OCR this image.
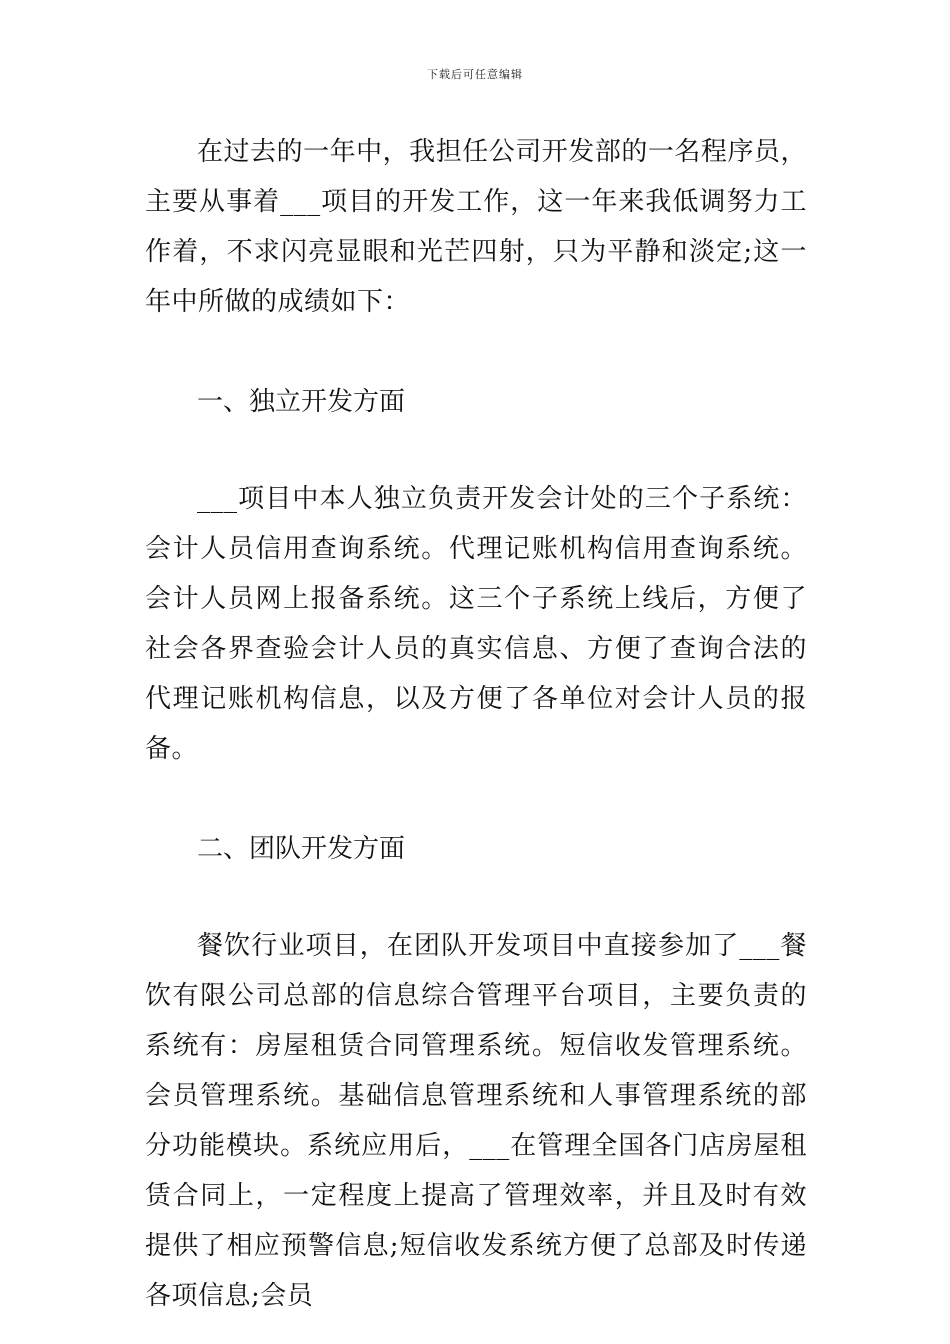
下载后可任意编辑

在过去的一年中，我担任公司开发部的一名程序员，主要从事着___项目的开发工作，这一年来我低调努力工作着，不求闪亮显眼和光芒四射，只为平静和淡定;这一年中所做的成绩如下：

一、独立开发方面

___项目中本人独立负责开发会计处的三个子系统：会计人员信用查询系统。代理记账机构信用查询系统。会计人员网上报备系统。这三个子系统上线后，方便了社会各界查验会计人员的真实信息、方便了查询合法的代理记账机构信息，以及方便了各单位对会计人员的报备。

二、团队开发方面

餐饮行业项目，在团队开发项目中直接参加了___餐饮有限公司总部的信息综合管理平台项目，主要负责的系统有：房屋租赁合同管理系统。短信收发管理系统。会员管理系统。基础信息管理系统和人事管理系统的部分功能模块。系统应用后，___在管理全国各门店房屋租赁合同上，一定程度上提高了管理效率，并且及时有效提供了相应预警信息;短信收发系统方便了总部及时传递各项信息;会员
